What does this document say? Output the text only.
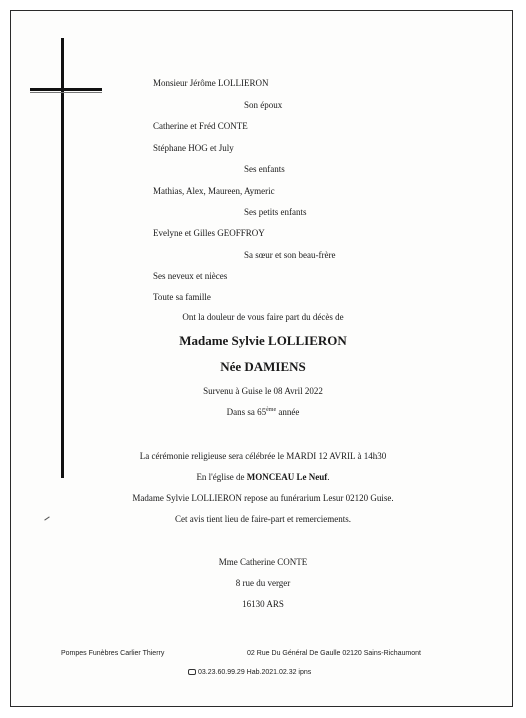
Monsieur Jérôme LOLLIERON
Son époux
Catherine et Fréd CONTE
Stéphane HOG et July
Ses enfants
Mathias, Alex, Maureen, Aymeric
Ses petits enfants
Evelyne et Gilles GEOFFROY
Sa sœur et son beau-frère
Ses neveux et nièces
Toute sa famille
Ont la douleur de vous faire part du décès de
Madame Sylvie LOLLIERON
Née DAMIENS
Survenu à Guise le 08 Avril 2022
Dans sa 65ème année
La cérémonie religieuse sera célébrée le MARDI 12 AVRIL à 14h30
En l'église de MONCEAU Le Neuf.
Madame Sylvie LOLLIERON repose au funérarium Lesur 02120 Guise.
Cet avis tient lieu de faire-part et remerciements.
Mme Catherine CONTE
8 rue du verger
16130 ARS
Pompes Funèbres Carlier Thierry	02 Rue Du Général De Gaulle 02120 Sains-Richaumont
03.23.60.99.29 Hab.2021.02.32 ipns
